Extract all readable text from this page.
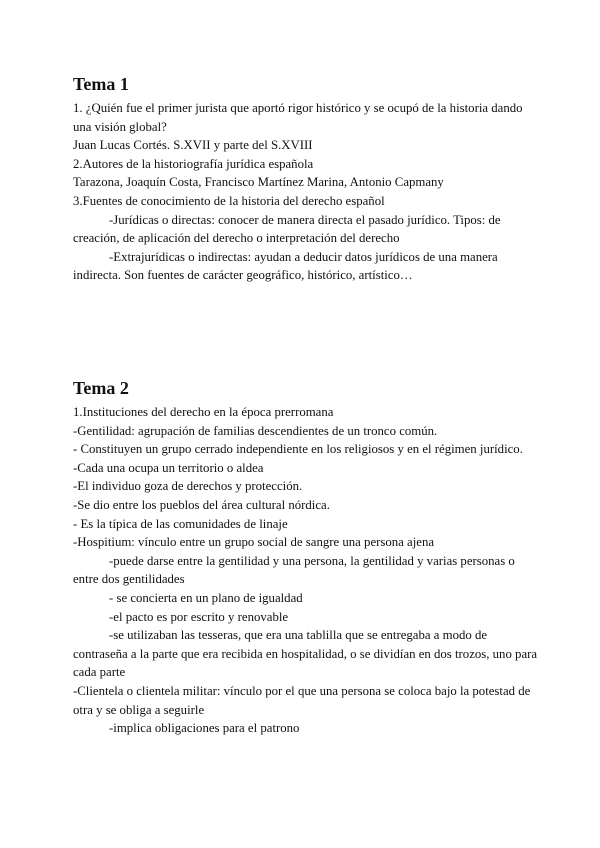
Tema 1

1. ¿Quién fue el primer jurista que aportó rigor histórico y se ocupó de la historia dando una visión global?

Juan Lucas Cortés. S.XVII y parte del S.XVIII

2.Autores de la historiografía jurídica española

Tarazona, Joaquín Costa, Francisco Martínez Marina, Antonio Capmany

3.Fuentes de conocimiento de la historia del derecho español

-Jurídicas o directas: conocer de manera directa el pasado jurídico. Tipos: de creación, de aplicación del derecho o interpretación del derecho

-Extrajurídicas o indirectas: ayudan a deducir datos jurídicos de una manera indirecta. Son fuentes de carácter geográfico, histórico, artístico…

Tema 2

1.Instituciones del derecho en la época prerromana

-Gentilidad: agrupación de familias descendientes de un tronco común.

- Constituyen un grupo cerrado independiente en los religiosos y en el régimen jurídico.

-Cada una ocupa un territorio o aldea

-El individuo goza de derechos y protección.

-Se dio entre los pueblos del área cultural nórdica.

- Es la típica de las comunidades de linaje

-Hospitium: vínculo entre un grupo social de sangre una persona ajena

-puede darse entre la gentilidad y una persona, la gentilidad y varias personas o entre dos gentilidades

- se concierta en un plano de igualdad

-el pacto es por escrito y renovable

-se utilizaban las tesseras, que era una tablilla que se entregaba a modo de contraseña a la parte que era recibida en hospitalidad, o se dividían en dos trozos, uno para cada parte

-Clientela o clientela militar: vínculo por el que una persona se coloca bajo la potestad de otra y se obliga a seguirle

-implica obligaciones para el patrono
